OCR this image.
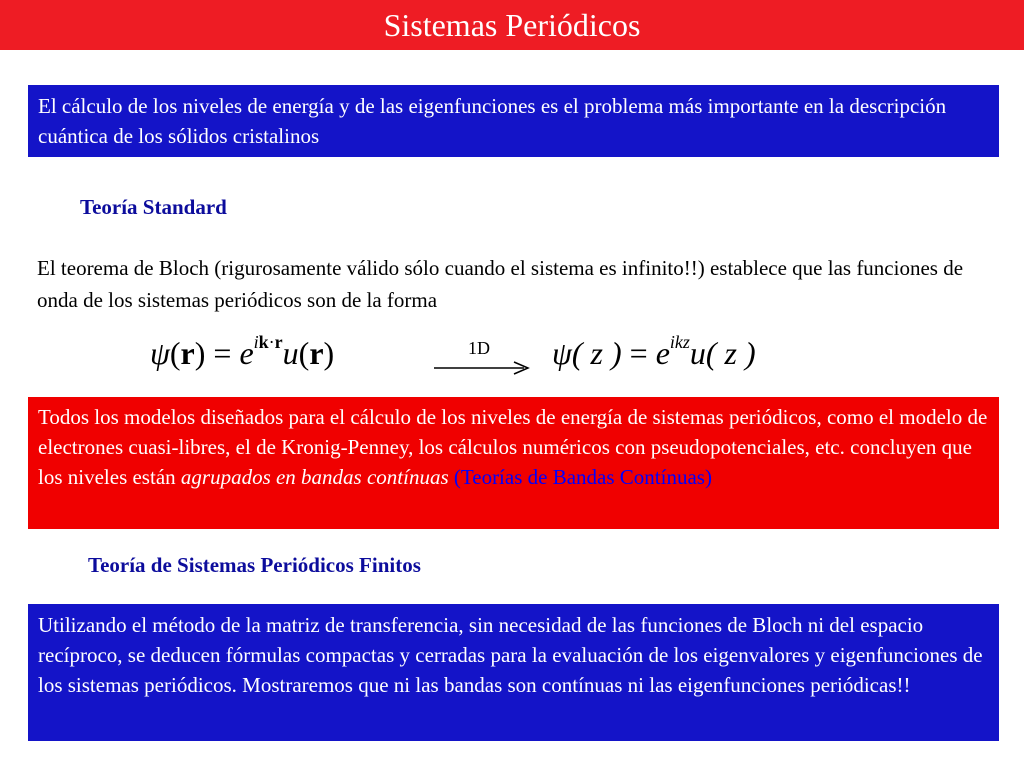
Sistemas Periódicos
El cálculo de los niveles de energía y de las eigenfunciones es el problema más importante en la descripción cuántica de los sólidos cristalinos
Teoría Standard
El teorema de Bloch (rigurosamente válido sólo cuando el sistema es infinito!!) establece que las funciones de onda de los sistemas periódicos son de la forma
ψ ( r ) = e ik·r u ( r )	1D ψ ( z ) = e ikz u ( z )
Todos los modelos diseñados para el cálculo de los niveles de energía de sistemas periódicos, como el modelo de electrones cuasi-libres, el de Kronig-Penney, los cálculos numéricos con pseudopotenciales, etc. concluyen que los niveles están agrupados en bandas contínuas (Teorías de Bandas Contínuas)
Teoría de Sistemas Periódicos Finitos
Utilizando el método de la matriz de transferencia, sin necesidad de las funciones de Bloch ni del espacio recíproco, se deducen fórmulas compactas y cerradas para la evaluación de los eigenvalores y eigenfunciones de los sistemas periódicos. Mostraremos que ni las bandas son contínuas ni las eigenfunciones periódicas!!
